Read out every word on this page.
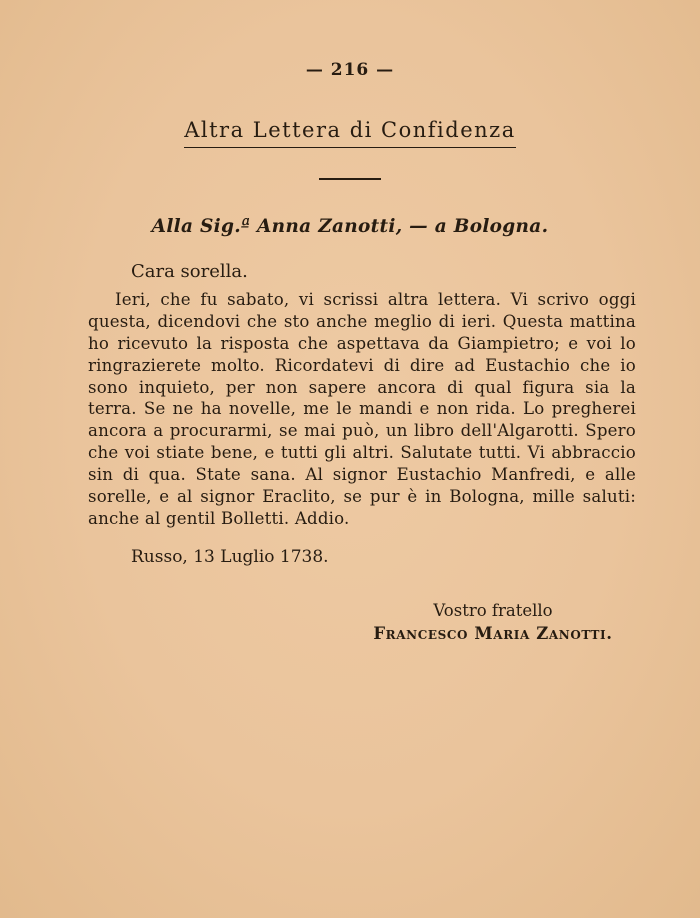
— 216 —
Altra Lettera di Confidenza
Alla Sig.ª Anna Zanotti, — a Bologna.
Cara sorella.

Ieri, che fu sabato, vi scrissi altra lettera. Vi scrivo oggi questa, dicendovi che sto anche meglio di ieri. Questa mattina ho ricevuto la risposta che aspettava da Giampietro; e voi lo ringrazierete molto. Ricordatevi di dire ad Eustachio che io sono inquieto, per non sapere ancora di qual figura sia la terra. Se ne ha novelle, me le mandi e non rida. Lo pregherei ancora a procurarmi, se mai può, un libro dell'Algarotti. Spero che voi stiate bene, e tutti gli altri. Salutate tutti. Vi abbraccio sin di qua. State sana. Al signor Eustachio Manfredi, e alle sorelle, e al signor Eraclito, se pur è in Bologna, mille saluti: anche al gentil Bolletti. Addio.

Russo, 13 Luglio 1738.
Vostro fratello
Francesco Maria Zanotti.
